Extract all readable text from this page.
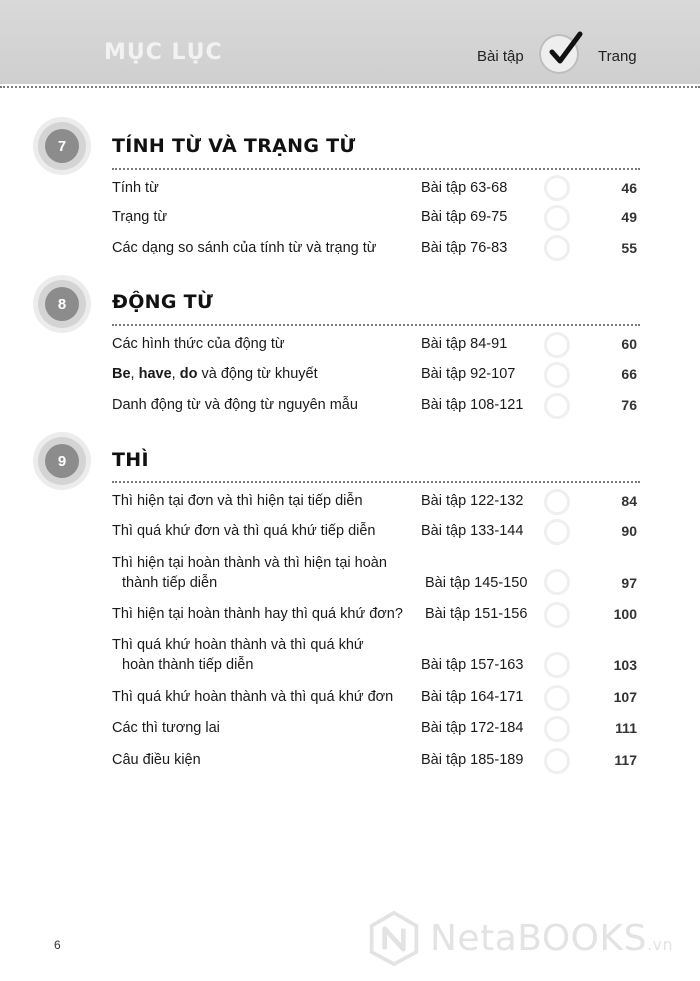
MỤC LỤC	Bài tập	Trang
7	TÍNH TỪ VÀ TRẠNG TỪ
Tính từ	Bài tập 63-68	46
Trạng từ	Bài tập 69-75	49
Các dạng so sánh của tính từ và trạng từ	Bài tập 76-83	55
8	ĐỘNG TỪ
Các hình thức của động từ	Bài tập 84-91	60
Be, have, do và động từ khuyết	Bài tập 92-107	66
Danh động từ và động từ nguyên mẫu	Bài tập 108-121	76
9	THÌ
Thì hiện tại đơn và thì hiện tại tiếp diễn	Bài tập 122-132	84
Thì quá khứ đơn và thì quá khứ tiếp diễn	Bài tập 133-144	90
Thì hiện tại hoàn thành và thì hiện tại hoàn
thành tiếp diễn	Bài tập 145-150	97
Thì hiện tại hoàn thành hay thì quá khứ đơn? Bài tập 151-156	100
Thì quá khứ hoàn thành và thì quá khứ
hoàn thành tiếp diễn	Bài tập 157-163	103
Thì quá khứ hoàn thành và thì quá khứ đơn Bài tập 164-171	107
Các thì tương lai	Bài tập 172-184	111
Câu điều kiện	Bài tập 185-189	117
6	NetaBOOKS.vn
